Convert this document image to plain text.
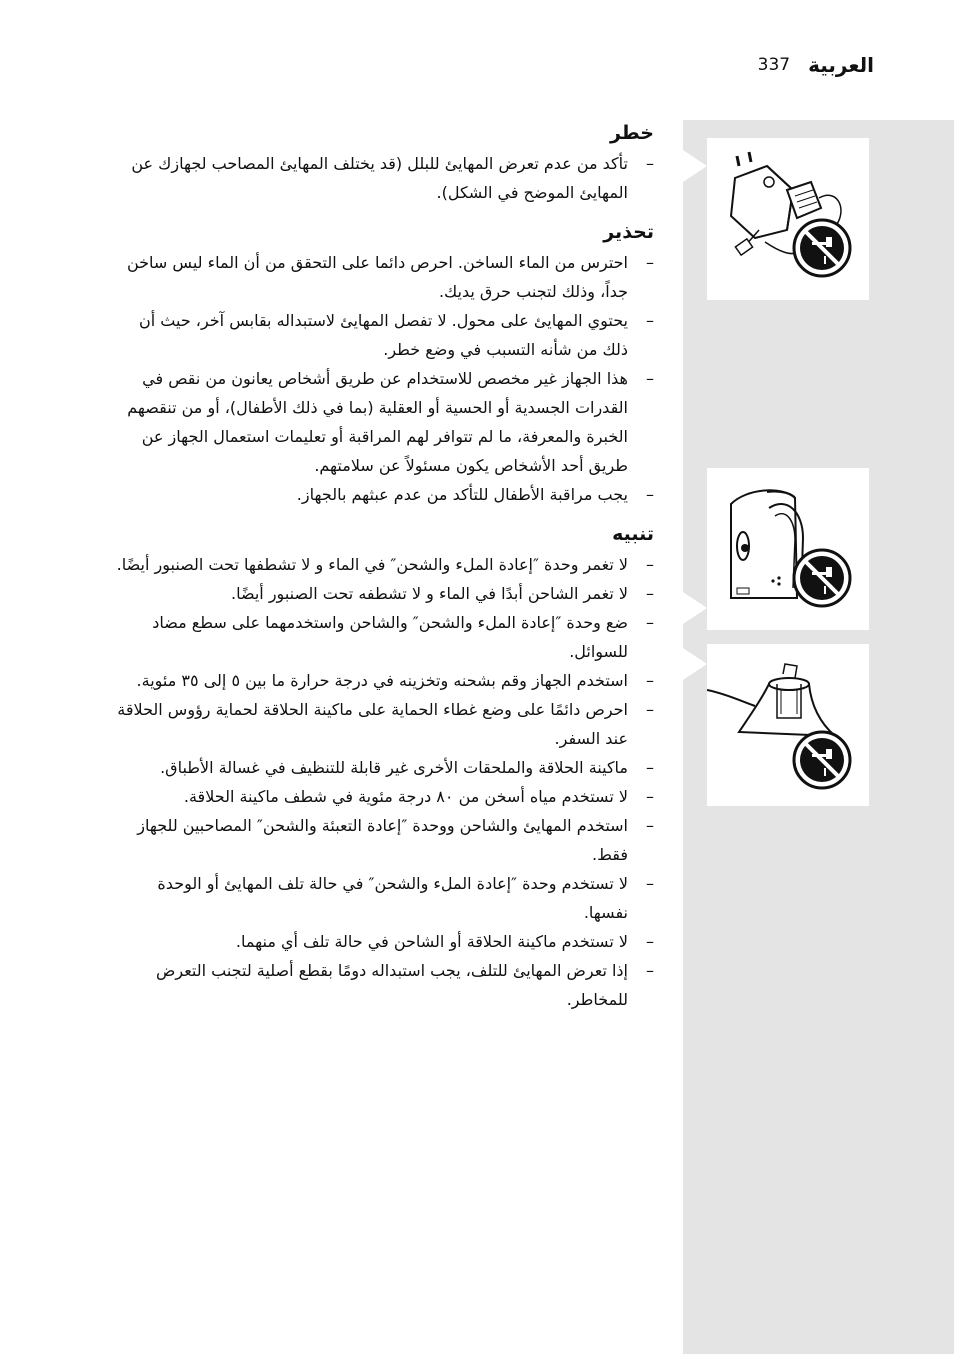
337 العربية
خطر
– تأكد من عدم تعرض المهايئ للبلل (قد يختلف المهايئ المصاحب لجهازك عن المهايئ الموضح في الشكل).
تحذير
– احترس من الماء الساخن. احرص دائما على التحقق من أن الماء ليس ساخن جداً، وذلك لتجنب حرق يديك.
– يحتوي المهايئ على محول. لا تفصل المهايئ لاستبداله بقابس آخر، حيث أن ذلك من شأنه التسبب في وضع خطر.
– هذا الجهاز غير مخصص للاستخدام عن طريق أشخاص يعانون من نقص في القدرات الجسدية أو الحسية أو العقلية (بما في ذلك الأطفال)، أو من تنقصهم الخبرة والمعرفة، ما لم تتوافر لهم المراقبة أو تعليمات استعمال الجهاز عن طريق أحد الأشخاص يكون مسئولاً عن سلامتهم.
– يجب مراقبة الأطفال للتأكد من عدم عبثهم بالجهاز.
تنبيه
– لا تغمر وحدة ″إعادة الملء والشحن″ في الماء و لا تشطفها تحت الصنبور أيضًا.
– لا تغمر الشاحن أبدًا في الماء و لا تشطفه تحت الصنبور أيضًا.
– ضع وحدة ″إعادة الملء والشحن″ والشاحن واستخدمهما على سطع مضاد للسوائل.
– استخدم الجهاز وقم بشحنه وتخزينه في درجة حرارة ما بين ٥ إلى ٣٥ مئوية.
– احرص دائمًا على وضع غطاء الحماية على ماكينة الحلاقة لحماية رؤوس الحلاقة عند السفر.
– ماكينة الحلاقة والملحقات الأخرى غير قابلة للتنظيف في غسالة الأطباق.
– لا تستخدم مياه أسخن من ٨٠ درجة مئوية في شطف ماكينة الحلاقة.
– استخدم المهايئ والشاحن ووحدة ″إعادة التعبئة والشحن″ المصاحبين للجهاز فقط.
– لا تستخدم وحدة ″إعادة الملء والشحن″ في حالة تلف المهايئ أو الوحدة نفسها.
– لا تستخدم ماكينة الحلاقة أو الشاحن في حالة تلف أي منهما.
– إذا تعرض المهايئ للتلف، يجب استبداله دومًا بقطع أصلية لتجنب التعرض للمخاطر.
